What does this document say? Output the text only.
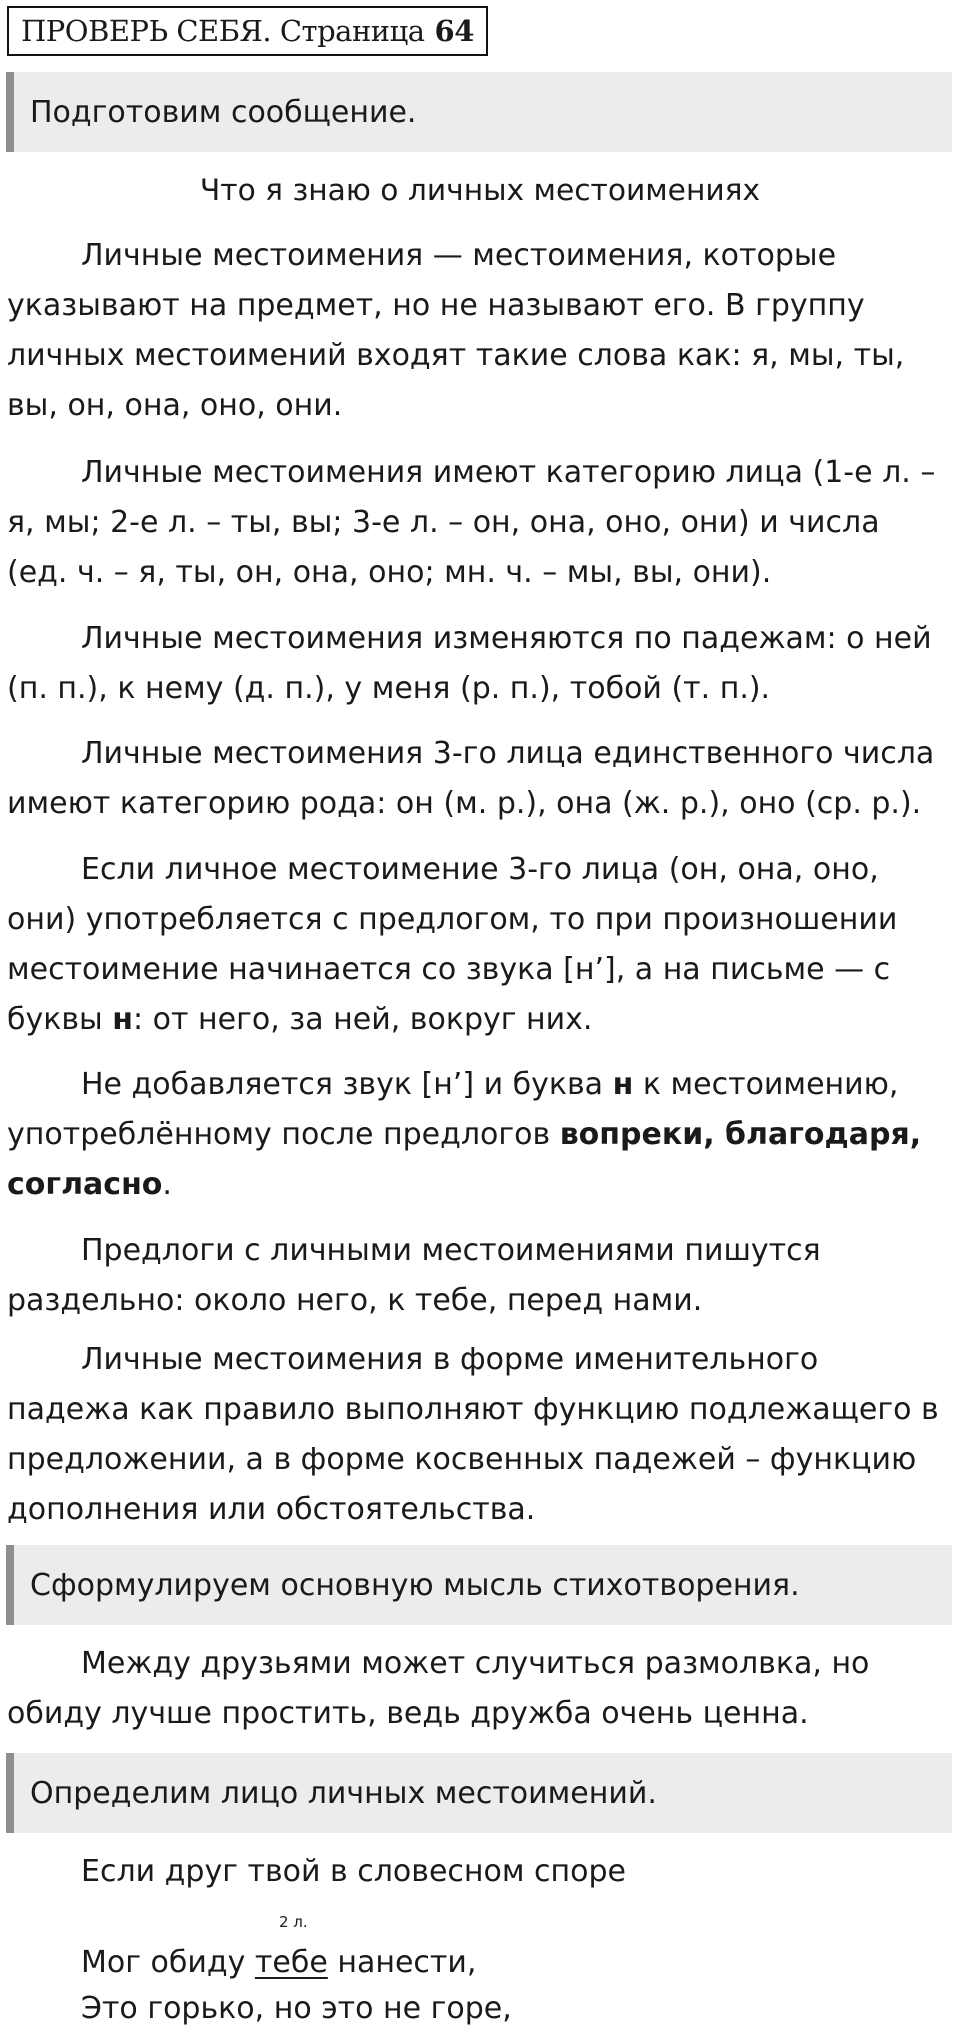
ПРОВЕРЬ СЕБЯ. Страница 64
Подготовим сообщение.
Что я знаю о личных местоимениях
Личные местоимения — местоимения, которые
указывают на предмет, но не называют его. В группу
личных местоимений входят такие слова как: я, мы, ты,
вы, он, она, оно, они.
Личные местоимения имеют категорию лица (1-е л. –
я, мы; 2-е л. – ты, вы; 3-е л. – он, она, оно, они) и числа
(ед. ч. – я, ты, он, она, оно; мн. ч. – мы, вы, они).
Личные местоимения изменяются по падежам: о ней
(п. п.), к нему (д. п.), у меня (р. п.), тобой (т. п.).
Личные местоимения 3-го лица единственного числа
имеют категорию рода: он (м. р.), она (ж. р.), оно (ср. р.).
Если личное местоимение 3-го лица (он, она, оно,
они) употребляется с предлогом, то при произношении
местоимение начинается со звука [н’], а на письме — с
буквы н: от него, за ней, вокруг них.
Не добавляется звук [н’] и буква н к местоимению,
употреблённому после предлогов вопреки, благодаря,
согласно.
Предлоги с личными местоимениями пишутся
раздельно: около него, к тебе, перед нами.
Личные местоимения в форме именительного
падежа как правило выполняют функцию подлежащего в
предложении, а в форме косвенных падежей – функцию
дополнения или обстоятельства.
Сформулируем основную мысль стихотворения.
Между друзьями может случиться размолвка, но
обиду лучше простить, ведь дружба очень ценна.
Определим лицо личных местоимений.
Если друг твой в словесном споре
2 л.
Мог обиду тебе нанести,
Это горько, но это не горе,
